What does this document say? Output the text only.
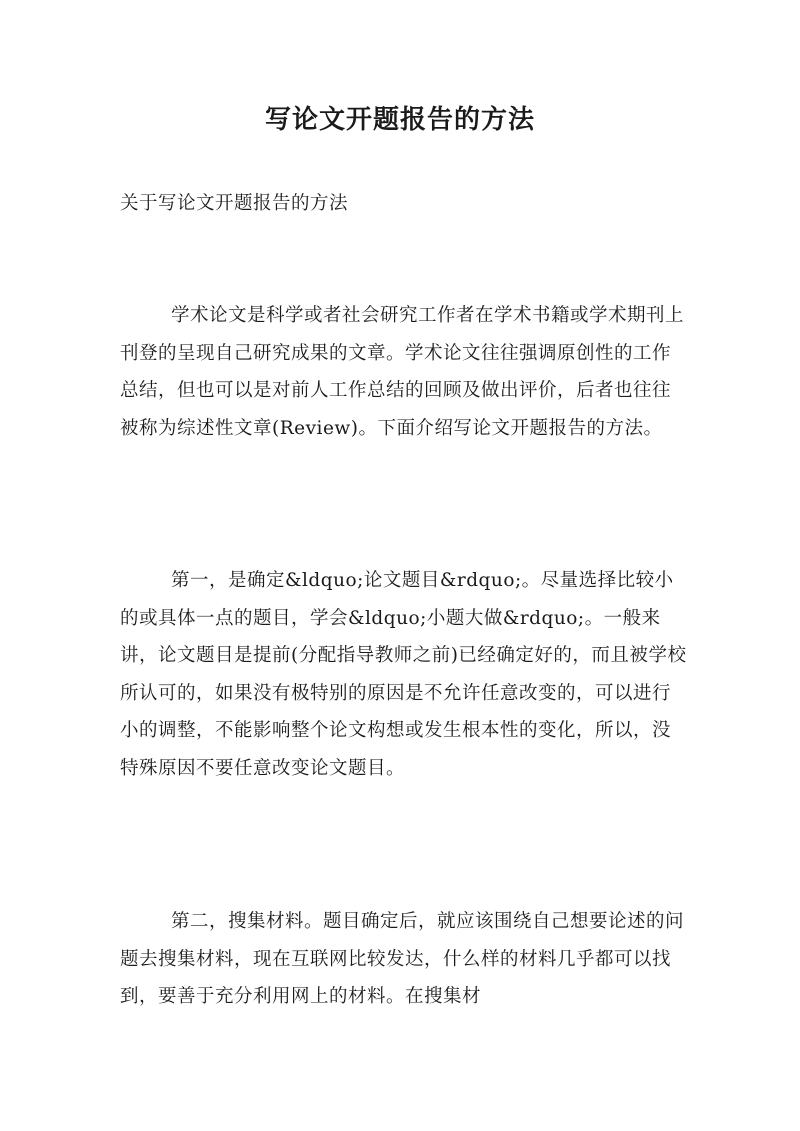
写论文开题报告的方法
关于写论文开题报告的方法

学术论文是科学或者社会研究工作者在学术书籍或学术期刊上刊登的呈现自己研究成果的文章。学术论文往往强调原创性的工作总结，但也可以是对前人工作总结的回顾及做出评价，后者也往往被称为综述性文章(Review)。下面介绍写论文开题报告的方法。

第一，是确定&ldquo;论文题目&rdquo;。尽量选择比较小的或具体一点的题目，学会&ldquo;小题大做&rdquo;。一般来讲，论文题目是提前(分配指导教师之前)已经确定好的，而且被学校所认可的，如果没有极特别的原因是不允许任意改变的，可以进行小的调整，不能影响整个论文构想或发生根本性的变化，所以，没特殊原因不要任意改变论文题目。

第二，搜集材料。题目确定后，就应该围绕自己想要论述的问题去搜集材料，现在互联网比较发达，什么样的材料几乎都可以找到，要善于充分利用网上的材料。在搜集材
